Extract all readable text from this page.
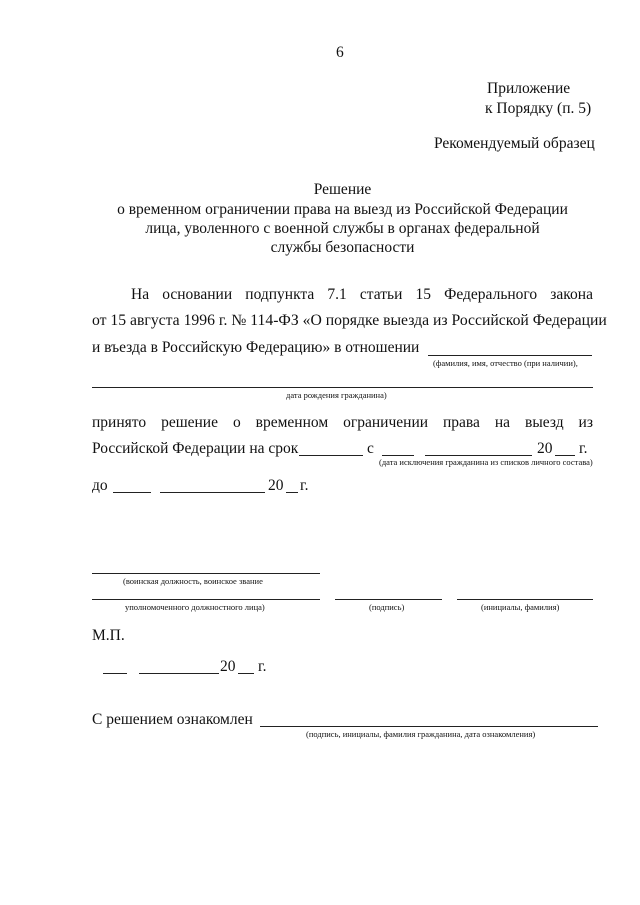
6
Приложение
к Порядку (п. 5)
Рекомендуемый образец
Решение
о временном ограничении права на выезд из Российской Федерации
лица, уволенного с военной службы в органах федеральной
службы безопасности
На основании подпункта 7.1 статьи 15 Федерального закона
от 15 августа 1996 г. № 114-ФЗ «О порядке выезда из Российской Федерации
и въезда в Российскую Федерацию» в отношении
(фамилия, имя, отчество (при наличии),
дата рождения гражданина)
принято решение о временном ограничении права на выезд из
Российской Федерации на срок	с	20 г.
(дата исключения гражданина из списков личного состава)
до	20 г.
(воинская должность, воинское звание
уполномоченного должностного лица)	(подпись)	(инициалы, фамилия)
М.П.
20 г.
С решением ознакомлен
(подпись, инициалы, фамилия гражданина, дата ознакомления)
